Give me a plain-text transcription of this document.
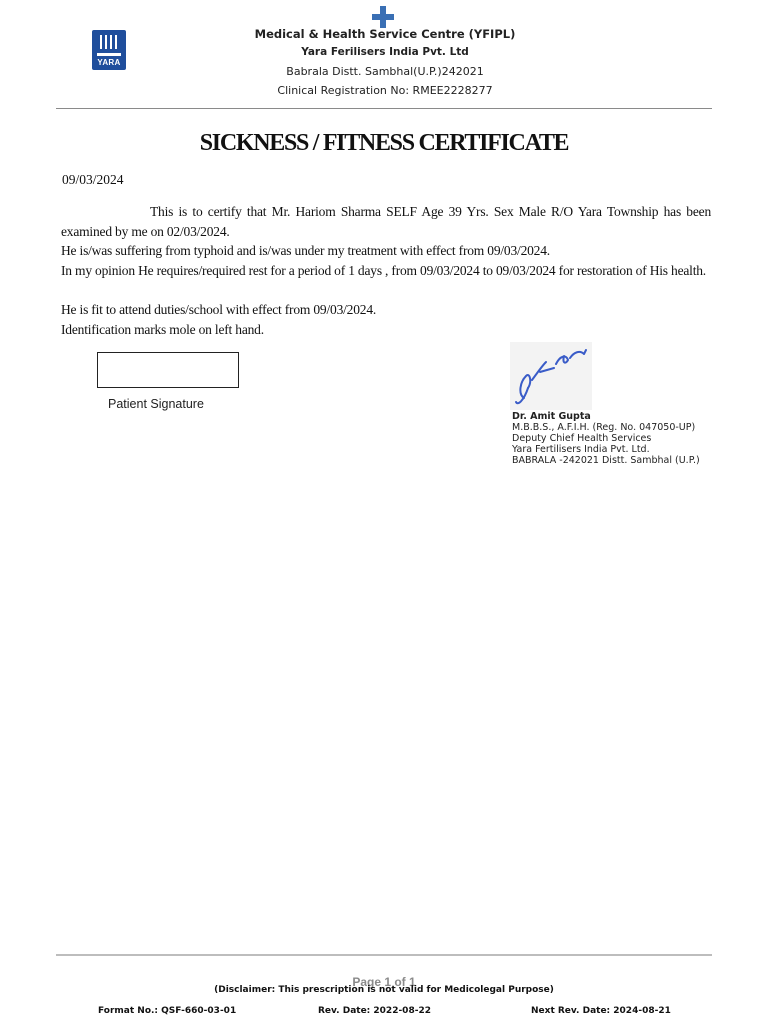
YARA
Medical & Health Service Centre (YFIPL)
Yara Ferilisers India Pvt. Ltd
Babrala Distt. Sambhal(U.P.)242021
Clinical Registration No: RMEE2228277
SICKNESS / FITNESS CERTIFICATE
09/03/2024
This is to certify that Mr. Hariom Sharma SELF Age 39 Yrs. Sex Male R/O Yara Township has been examined by me on 02/03/2024.
He is/was suffering from typhoid and is/was under my treatment with effect from 09/03/2024.
In my opinion He requires/required rest for a period of 1 days , from 09/03/2024 to 09/03/2024 for restoration of His health.
He is fit to attend duties/school with effect from 09/03/2024.
Identification marks mole on left hand.
Patient Signature
Dr. Amit Gupta
M.B.B.S., A.F.I.H. (Reg. No. 047050-UP)
Deputy Chief Health Services
Yara Fertilisers India Pvt. Ltd.
BABRALA -242021 Distt. Sambhal (U.P.)
Page 1 of 1
(Disclaimer: This prescription is not valid for Medicolegal Purpose)
Format No.: QSF-660-03-01	Rev. Date: 2022-08-22	Next Rev. Date: 2024-08-21
